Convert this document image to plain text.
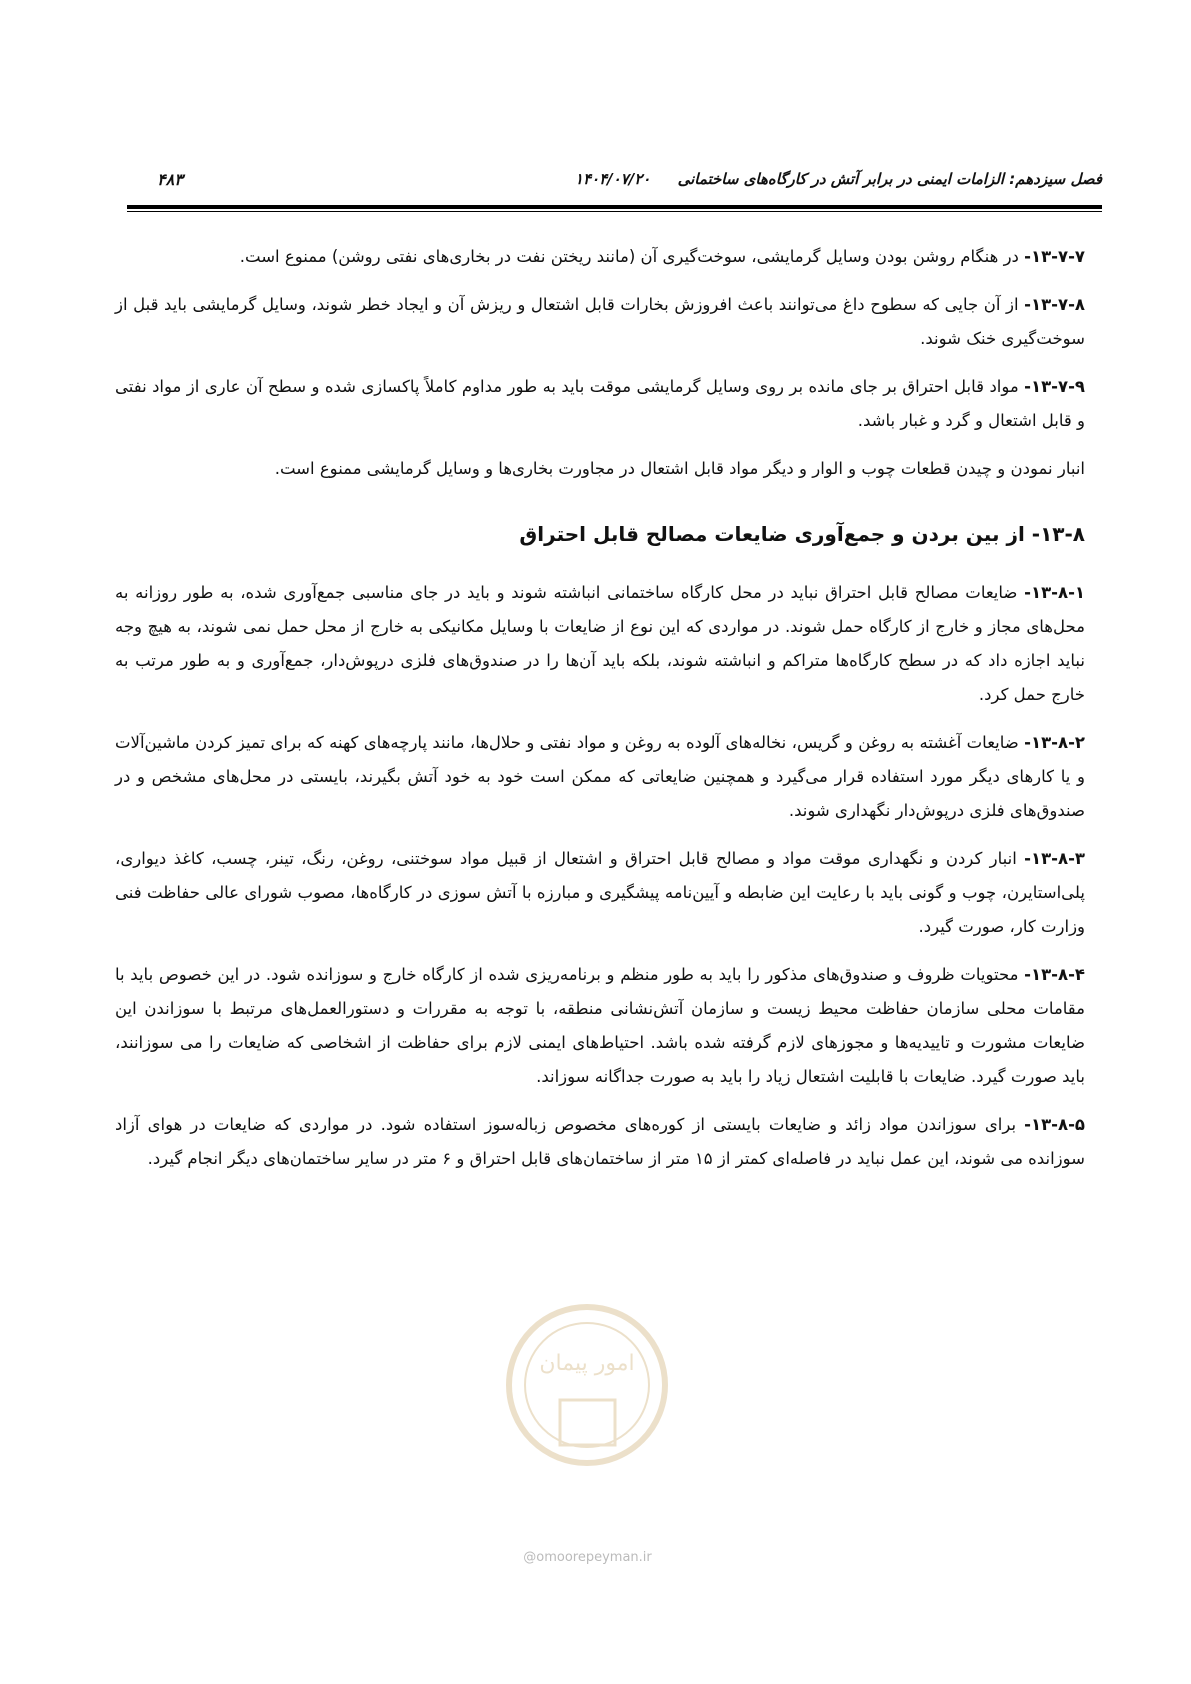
فصل سیزدهم: الزامات ایمنی در برابر آتش در کارگاه‌های ساختمانی ۱۴۰۴/۰۷/۲۰
۴۸۳

۱۳-۷-۷- در هنگام روشن بودن وسایل گرمایشی، سوخت‌گیری آن (مانند ریختن نفت در بخاری‌های نفتی روشن) ممنوع است.

۱۳-۷-۸- از آن جایی که سطوح داغ می‌توانند باعث افروزش بخارات قابل اشتعال و ریزش آن و ایجاد خطر شوند، وسایل گرمایشی باید قبل از سوخت‌گیری خنک شوند.

۱۳-۷-۹- مواد قابل احتراق بر جای مانده بر روی وسایل گرمایشی موقت باید به طور مداوم کاملاً پاکسازی شده و سطح آن عاری از مواد نفتی و قابل اشتعال و گرد و غبار باشد.

انبار نمودن و چیدن قطعات چوب و الوار و دیگر مواد قابل اشتعال در مجاورت بخاری‌ها و وسایل گرمایشی ممنوع است.

۱۳-۸- از بین بردن و جمع‌آوری ضایعات مصالح قابل احتراق

۱۳-۸-۱- ضایعات مصالح قابل احتراق نباید در محل کارگاه ساختمانی انباشته شوند و باید در جای مناسبی جمع‌آوری شده، به طور روزانه به محل‌های مجاز و خارج از کارگاه حمل شوند. در مواردی که این نوع از ضایعات با وسایل مکانیکی به خارج از محل حمل نمی شوند، به هیچ وجه نباید اجازه داد که در سطح کارگاه‌ها متراکم و انباشته شوند، بلکه باید آن‌ها را در صندوق‌های فلزی درپوش‌دار، جمع‌آوری و به طور مرتب به خارج حمل کرد.

۱۳-۸-۲- ضایعات آغشته به روغن و گریس، نخاله‌های آلوده به روغن و مواد نفتی و حلال‌ها، مانند پارچه‌های کهنه که برای تمیز کردن ماشین‌آلات و یا کارهای دیگر مورد استفاده قرار می‌گیرد و همچنین ضایعاتی که ممکن است خود به خود آتش بگیرند، بایستی در محل‌های مشخص و در صندوق‌های فلزی درپوش‌دار نگهداری شوند.

۱۳-۸-۳- انبار کردن و نگهداری موقت مواد و مصالح قابل احتراق و اشتعال از قبیل مواد سوختنی، روغن، رنگ، تینر، چسب، کاغذ دیواری، پلی‌استایرن، چوب و گونی باید با رعایت این ضابطه و آیین‌نامه پیشگیری و مبارزه با آتش سوزی در کارگاه‌ها، مصوب شورای عالی حفاظت فنی وزارت کار، صورت گیرد.

۱۳-۸-۴- محتویات ظروف و صندوق‌های مذکور را باید به طور منظم و برنامه‌ریزی شده از کارگاه خارج و سوزانده شود. در این خصوص باید با مقامات محلی سازمان حفاظت محیط زیست و سازمان آتش‌نشانی منطقه، با توجه به مقررات و دستورالعمل‌های مرتبط با سوزاندن این ضایعات مشورت و تاییدیه‌ها و مجوزهای لازم گرفته شده باشد. احتیاط‌های ایمنی لازم برای حفاظت از اشخاصی که ضایعات را می سوزانند، باید صورت گیرد. ضایعات با قابلیت اشتعال زیاد را باید به صورت جداگانه سوزاند.

۱۳-۸-۵- برای سوزاندن مواد زائد و ضایعات بایستی از کوره‌های مخصوص زباله‌سوز استفاده شود. در مواردی که ضایعات در هوای آزاد سوزانده می شوند، این عمل نباید در فاصله‌ای کمتر از ۱۵ متر از ساختمان‌های قابل احتراق و ۶ متر در سایر ساختمان‌های دیگر انجام گیرد.

امور پیمان
@omoorepeyman.ir
